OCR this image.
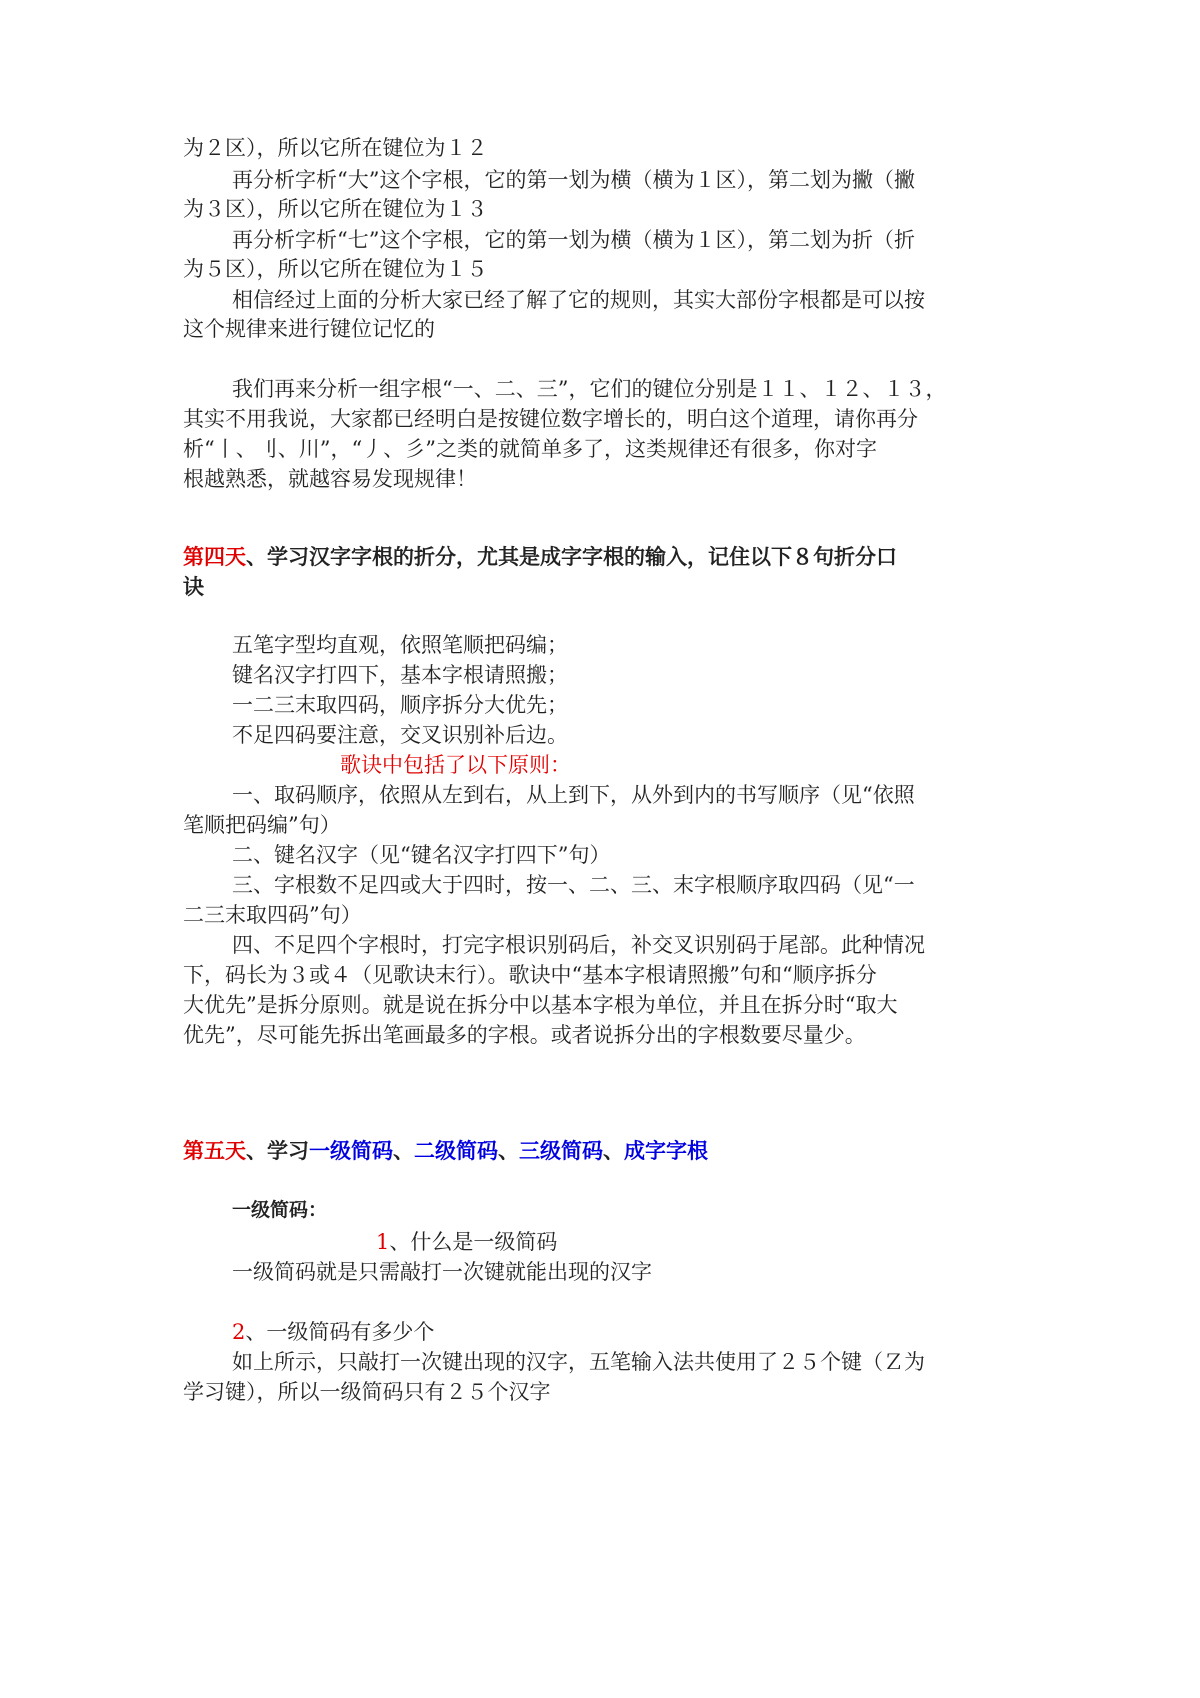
为２区），所以它所在键位为１２
再分析字析“大”这个字根，它的第一划为横（横为１区），第二划为撇（撇
为３区），所以它所在键位为１３
再分析字析“七”这个字根，它的第一划为横（横为１区），第二划为折（折
为５区），所以它所在键位为１５
相信经过上面的分析大家已经了解了它的规则，其实大部份字根都是可以按
这个规律来进行键位记忆的
我们再来分析一组字根“一、二、三”，它们的键位分别是１１、１２、１３，
其实不用我说，大家都已经明白是按键位数字增长的，明白这个道理，请你再分
析“丨、刂、川”，“丿、彡”之类的就简单多了，这类规律还有很多，你对字
根越熟悉，就越容易发现规律！
第四天、学习汉字字根的折分，尤其是成字字根的输入，记住以下８句折分口
诀
五笔字型均直观，依照笔顺把码编；
键名汉字打四下，基本字根请照搬；
一二三末取四码，顺序拆分大优先；
不足四码要注意，交叉识别补后边。
歌诀中包括了以下原则：
一、取码顺序，依照从左到右，从上到下，从外到内的书写顺序（见“依照
笔顺把码编”句）
二、键名汉字（见“键名汉字打四下”句）
三、字根数不足四或大于四时，按一、二、三、末字根顺序取四码（见“一
二三末取四码”句）
四、不足四个字根时，打完字根识别码后，补交叉识别码于尾部。此种情况
下，码长为３或４（见歌诀末行）。歌诀中“基本字根请照搬”句和“顺序拆分
大优先”是拆分原则。就是说在拆分中以基本字根为单位，并且在拆分时“取大
优先”，尽可能先拆出笔画最多的字根。或者说拆分出的字根数要尽量少。
第五天、学习一级简码、二级简码、三级简码、成字字根
一级简码：
1、什么是一级简码
一级简码就是只需敲打一次键就能出现的汉字
2、一级简码有多少个
如上所示，只敲打一次键出现的汉字，五笔输入法共使用了２５个键（Ｚ为
学习键），所以一级简码只有２５个汉字
